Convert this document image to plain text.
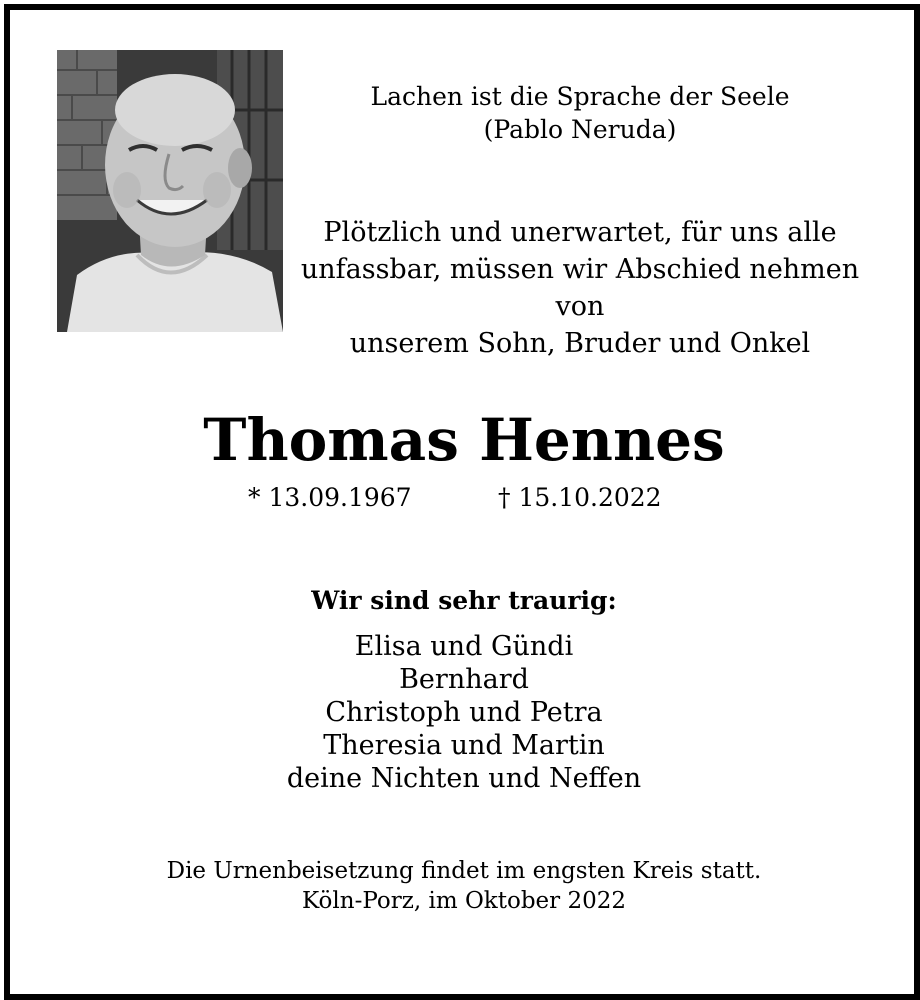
Lachen ist die Sprache der Seele
(Pablo Neruda)
Plötzlich und unerwartet, für uns alle
unfassbar, müssen wir Abschied nehmen von
unserem Sohn, Bruder und Onkel
Thomas Hennes
* 13.09.1967	† 15.10.2022
Wir sind sehr traurig:
Elisa und Gündi
Bernhard
Christoph und Petra
Theresia und Martin
deine Nichten und Neffen
Die Urnenbeisetzung findet im engsten Kreis statt.
Köln-Porz, im Oktober 2022
